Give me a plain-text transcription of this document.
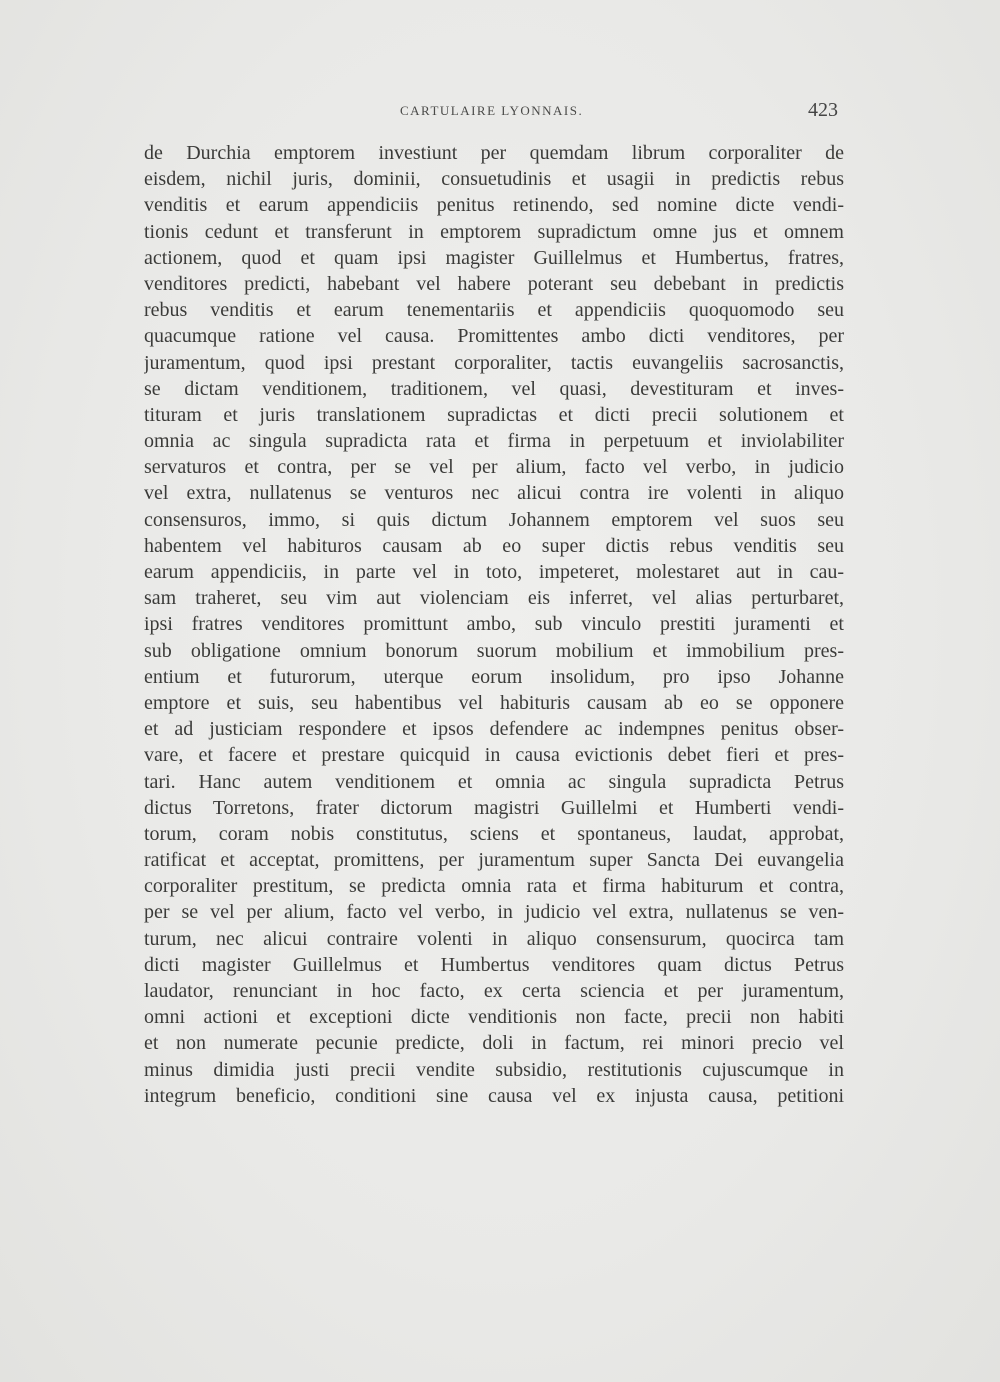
CARTULAIRE LYONNAIS.	423
de Durchia emptorem investiunt per quemdam librum corporaliter de
eisdem, nichil juris, dominii, consuetudinis et usagii in predictis rebus
venditis et earum appendiciis penitus retinendo, sed nomine dicte vendi-
tionis cedunt et transferunt in emptorem supradictum omne jus et omnem
actionem, quod et quam ipsi magister Guillelmus et Humbertus, fratres,
venditores predicti, habebant vel habere poterant seu debebant in predictis
rebus venditis et earum tenementariis et appendiciis quoquomodo seu
quacumque ratione vel causa. Promittentes ambo dicti venditores, per
juramentum, quod ipsi prestant corporaliter, tactis euvangeliis sacrosanctis,
se dictam venditionem, traditionem, vel quasi, devestituram et inves-
tituram et juris translationem supradictas et dicti precii solutionem et
omnia ac singula supradicta rata et firma in perpetuum et inviolabiliter
servaturos et contra, per se vel per alium, facto vel verbo, in judicio
vel extra, nullatenus se venturos nec alicui contra ire volenti in aliquo
consensuros, immo, si quis dictum Johannem emptorem vel suos seu
habentem vel habituros causam ab eo super dictis rebus venditis seu
earum appendiciis, in parte vel in toto, impeteret, molestaret aut in cau-
sam traheret, seu vim aut violenciam eis inferret, vel alias perturbaret,
ipsi fratres venditores promittunt ambo, sub vinculo prestiti juramenti et
sub obligatione omnium bonorum suorum mobilium et immobilium pres-
entium et futurorum, uterque eorum insolidum, pro ipso Johanne
emptore et suis, seu habentibus vel habituris causam ab eo se opponere
et ad justiciam respondere et ipsos defendere ac indempnes penitus obser-
vare, et facere et prestare quicquid in causa evictionis debet fieri et pres-
tari. Hanc autem venditionem et omnia ac singula supradicta Petrus
dictus Torretons, frater dictorum magistri Guillelmi et Humberti vendi-
torum, coram nobis constitutus, sciens et spontaneus, laudat, approbat,
ratificat et acceptat, promittens, per juramentum super Sancta Dei euvangelia
corporaliter prestitum, se predicta omnia rata et firma habiturum et contra,
per se vel per alium, facto vel verbo, in judicio vel extra, nullatenus se ven-
turum, nec alicui contraire volenti in aliquo consensurum, quocirca tam
dicti magister Guillelmus et Humbertus venditores quam dictus Petrus
laudator, renunciant in hoc facto, ex certa sciencia et per juramentum,
omni actioni et exceptioni dicte venditionis non facte, precii non habiti
et non numerate pecunie predicte, doli in factum, rei minori precio vel
minus dimidia justi precii vendite subsidio, restitutionis cujuscumque in
integrum beneficio, conditioni sine causa vel ex injusta causa, petitioni
